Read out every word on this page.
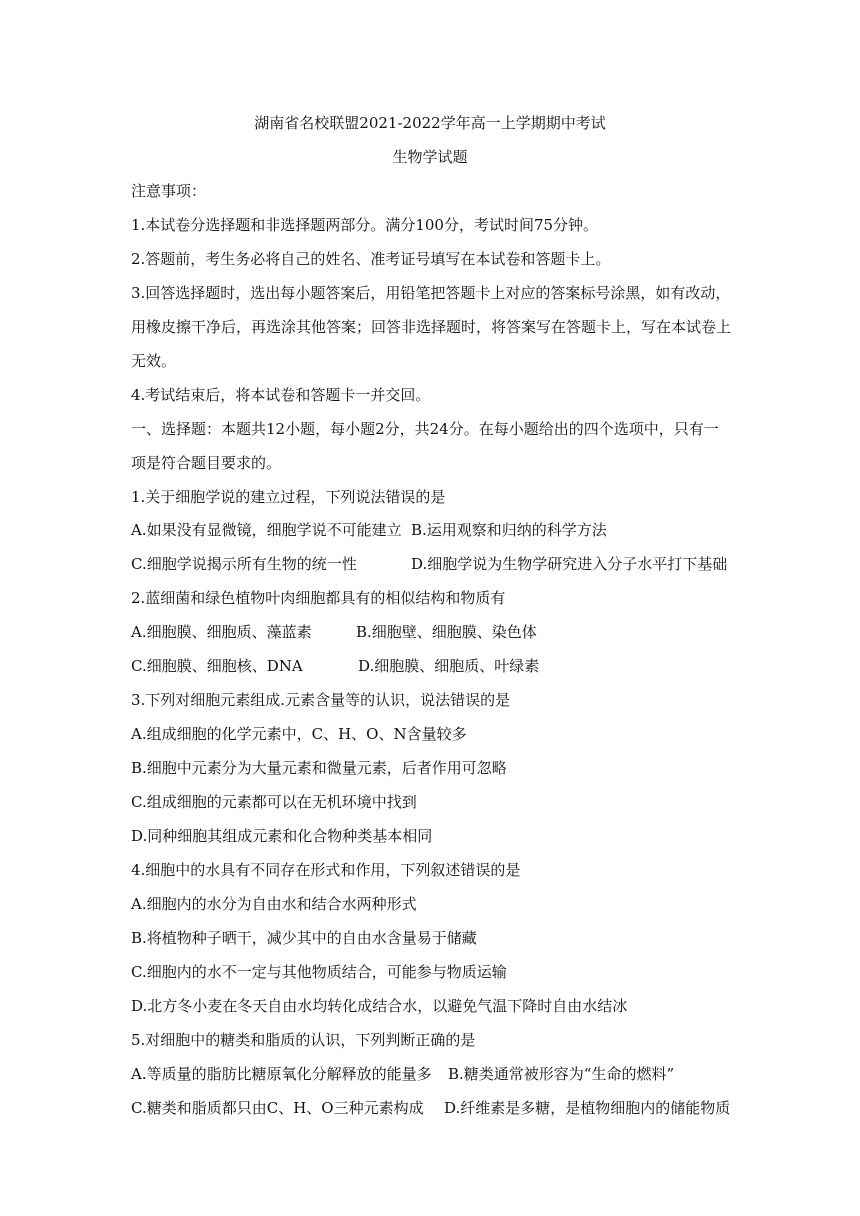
湖南省名校联盟2021-2022学年高一上学期期中考试
生物学试题
注意事项：
1.本试卷分选择题和非选择题两部分。满分100分，考试时间75分钟。
2.答题前，考生务必将自己的姓名、准考证号填写在本试卷和答题卡上。
3.回答选择题时，选出每小题答案后，用铅笔把答题卡上对应的答案标号涂黑，如有改动，
用橡皮擦干净后，再选涂其他答案；回答非选择题时，将答案写在答题卡上，写在本试卷上
无效。
4.考试结束后，将本试卷和答题卡一并交回。
一、选择题：本题共12小题，每小题2分，共24分。在每小题给出的四个选项中，只有一
项是符合题目要求的。
1.关于细胞学说的建立过程，下列说法错误的是
A.如果没有显微镜，细胞学说不可能建立 B.运用观察和归纳的科学方法
C.细胞学说揭示所有生物的统一性	D.细胞学说为生物学研究进入分子水平打下基础
2.蓝细菌和绿色植物叶肉细胞都具有的相似结构和物质有
A.细胞膜、细胞质、藻蓝素	B.细胞壁、细胞膜、染色体
C.细胞膜、细胞核、DNA	D.细胞膜、细胞质、叶绿素
3.下列对细胞元素组成.元素含量等的认识，说法错误的是
A.组成细胞的化学元素中，C、H、O、N含量较多
B.细胞中元素分为大量元素和微量元素，后者作用可忽略
C.组成细胞的元素都可以在无机环境中找到
D.同种细胞其组成元素和化合物种类基本相同
4.细胞中的水具有不同存在形式和作用，下列叙述错误的是
A.细胞内的水分为自由水和结合水两种形式
B.将植物种子晒干，减少其中的自由水含量易于储藏
C.细胞内的水不一定与其他物质结合，可能参与物质运输
D.北方冬小麦在冬天自由水均转化成结合水，以避免气温下降时自由水结冰
5.对细胞中的糖类和脂质的认识，下列判断正确的是
A.等质量的脂肪比糖原氧化分解释放的能量多 B.糖类通常被形容为“生命的燃料”
C.糖类和脂质都只由C、H、O三种元素构成 D.纤维素是多糖，是植物细胞内的储能物质
